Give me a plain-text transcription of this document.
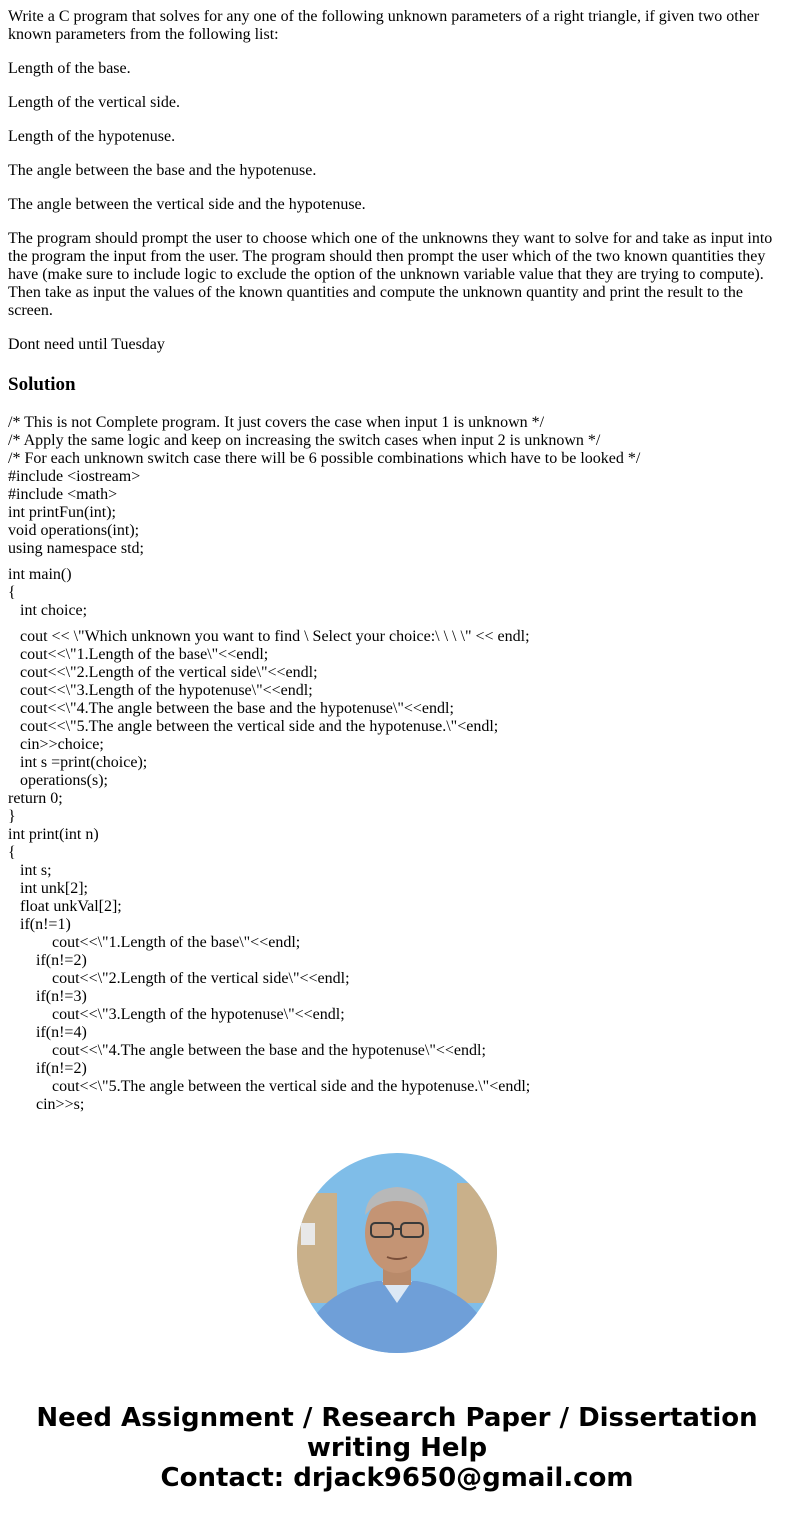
Write a C program that solves for any one of the following unknown parameters of a right triangle, if given two other known parameters from the following list:

Length of the base.

Length of the vertical side.

Length of the hypotenuse.

The angle between the base and the hypotenuse.

The angle between the vertical side and the hypotenuse.

The program should prompt the user to choose which one of the unknowns they want to solve for and take as input into the program the input from the user. The program should then prompt the user which of the two known quantities they have (make sure to include logic to exclude the option of the unknown variable value that they are trying to compute). Then take as input the values of the known quantities and compute the unknown quantity and print the result to the screen.

Dont need until Tuesday

Solution
/* This is not Complete program. It just covers the case when input 1 is unknown */
/* Apply the same logic and keep on increasing the switch cases when input 2 is unknown */
/* For each unknown switch case there will be 6 possible combinations which have to be looked */
#include <iostream>
#include <math>
int printFun(int);
void operations(int);
using namespace std;
int main()
{
int choice;
cout << \"Which unknown you want to find \ Select your choice:\ \ \ \" << endl;
cout<<\"1.Length of the base\"<<endl;
cout<<\"2.Length of the vertical side\"<<endl;
cout<<\"3.Length of the hypotenuse\"<<endl;
cout<<\"4.The angle between the base and the hypotenuse\"<<endl;
cout<<\"5.The angle between the vertical side and the hypotenuse.\"<endl;
cin>>choice;
int s =print(choice);
operations(s);
return 0;
}
int print(int n)
{
int s;
int unk[2];
float unkVal[2];
if(n!=1)
cout<<\"1.Length of the base\"<<endl;
if(n!=2)
cout<<\"2.Length of the vertical side\"<<endl;
if(n!=3)
cout<<\"3.Length of the hypotenuse\"<<endl;
if(n!=4)
cout<<\"4.The angle between the base and the hypotenuse\"<<endl;
if(n!=2)
cout<<\"5.The angle between the vertical side and the hypotenuse.\"<endl;
cin>>s;
Need Assignment / Research Paper / Dissertation
writing Help
Contact: drjack9650@gmail.com
